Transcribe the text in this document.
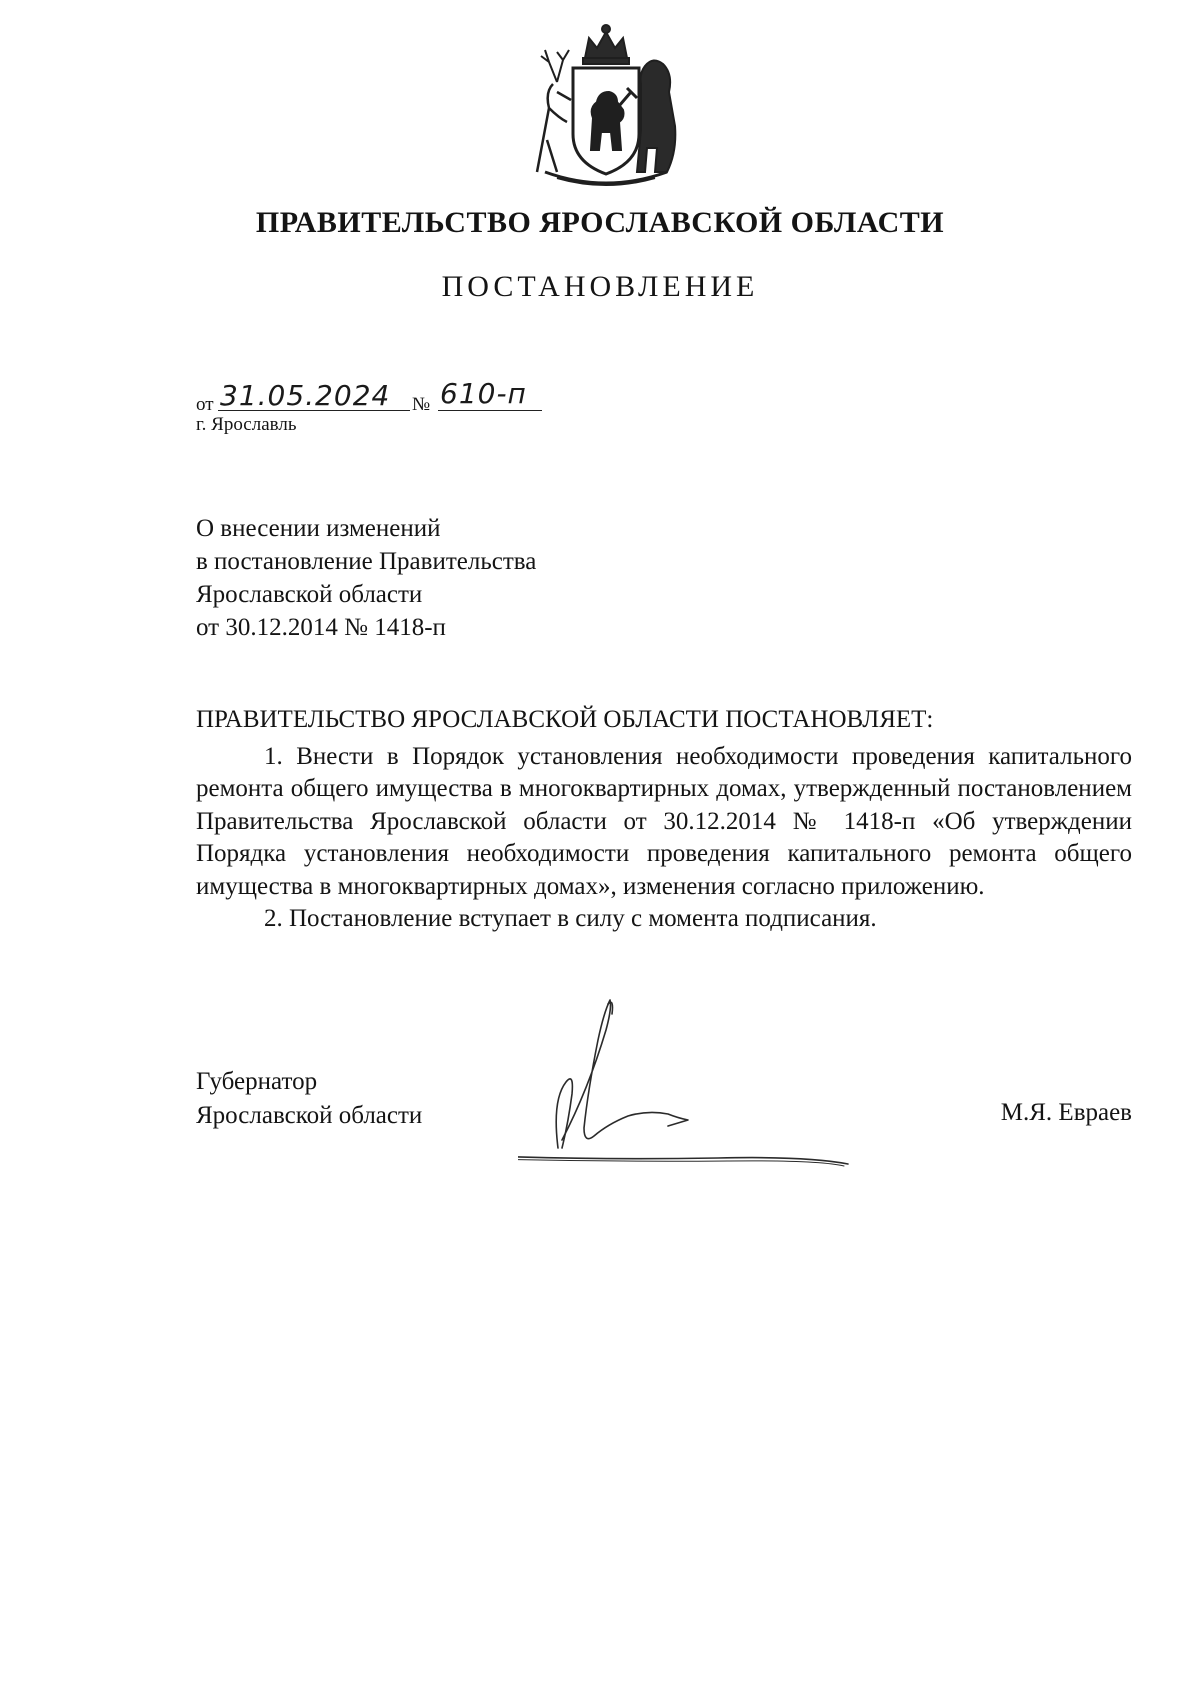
ПРАВИТЕЛЬСТВО ЯРОСЛАВСКОЙ ОБЛАСТИ
ПОСТАНОВЛЕНИЕ
от 31.05.2024 № 610-п
г. Ярославль
О внесении изменений
в постановление Правительства
Ярославской области
от 30.12.2014 № 1418-п
ПРАВИТЕЛЬСТВО ЯРОСЛАВСКОЙ ОБЛАСТИ ПОСТАНОВЛЯЕТ:

1. Внести в Порядок установления необходимости проведения капитального ремонта общего имущества в многоквартирных домах, утвержденный постановлением Правительства Ярославской области от 30.12.2014 № 1418-п «Об утверждении Порядка установления необходимости проведения капитального ремонта общего имущества в многоквартирных домах», изменения согласно приложению.

2. Постановление вступает в силу с момента подписания.

Губернатор
Ярославской области	М.Я. Евраев
